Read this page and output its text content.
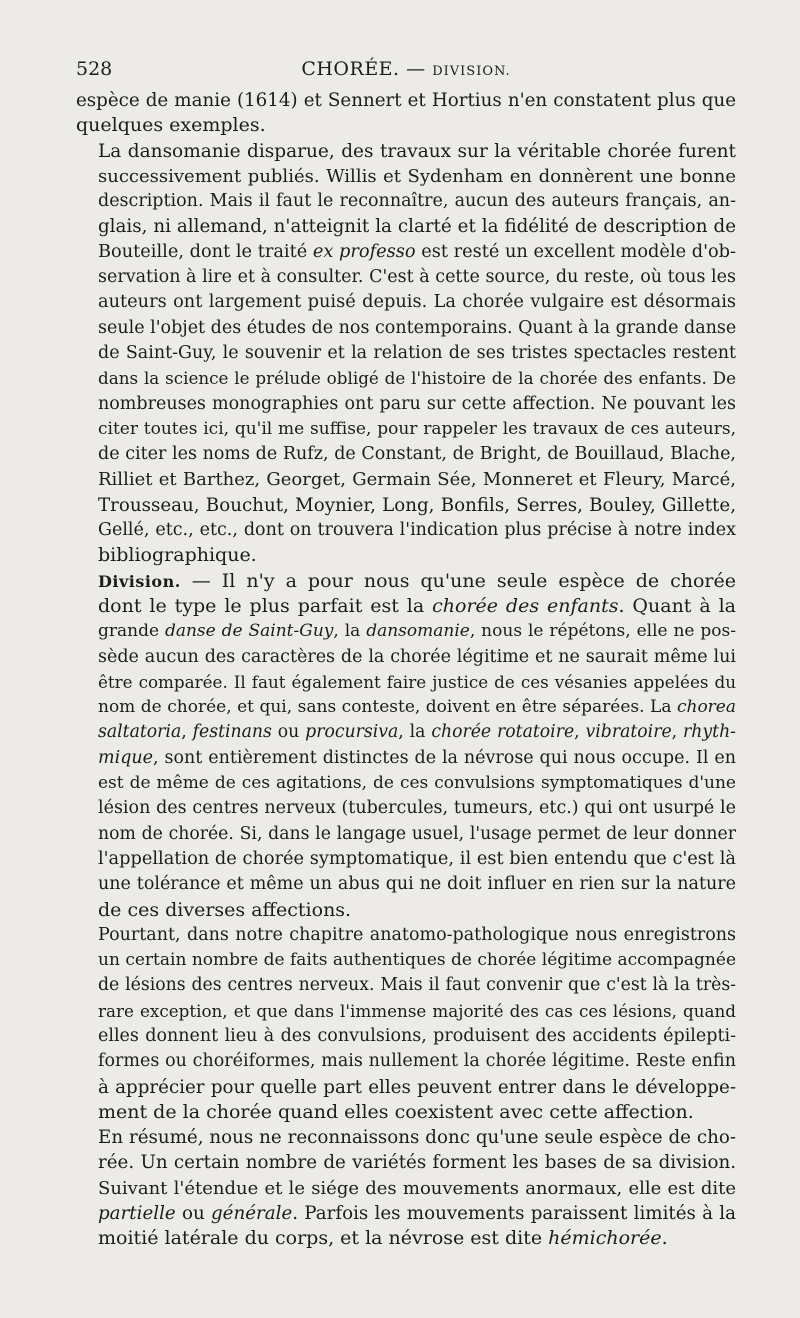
528	CHORÉE. — DIVISION.

espèce de manie (1614) et Sennert et Hortius n'en constatent plus que
quelques exemples.

La dansomanie disparue, des travaux sur la véritable chorée furent
successivement publiés. Willis et Sydenham en donnèrent une bonne
description. Mais il faut le reconnaître, aucun des auteurs français, an-
glais, ni allemand, n'atteignit la clarté et la fidélité de description de
Bouteille, dont le traité ex professo est resté un excellent modèle d'ob-
servation à lire et à consulter. C'est à cette source, du reste, où tous les
auteurs ont largement puisé depuis. La chorée vulgaire est désormais
seule l'objet des études de nos contemporains. Quant à la grande danse
de Saint-Guy, le souvenir et la relation de ses tristes spectacles restent
dans la science le prélude obligé de l'histoire de la chorée des enfants. De
nombreuses monographies ont paru sur cette affection. Ne pouvant les
citer toutes ici, qu'il me suffise, pour rappeler les travaux de ces auteurs,
de citer les noms de Rufz, de Constant, de Bright, de Bouillaud, Blache,
Rilliet et Barthez, Georget, Germain Sée, Monneret et Fleury, Marcé,
Trousseau, Bouchut, Moynier, Long, Bonfils, Serres, Bouley, Gillette,
Gellé, etc., etc., dont on trouvera l'indication plus précise à notre index
bibliographique.

Division. — Il n'y a pour nous qu'une seule espèce de chorée
dont le type le plus parfait est la chorée des enfants. Quant à la
grande danse de Saint-Guy, la dansomanie, nous le répétons, elle ne pos-
sède aucun des caractères de la chorée légitime et ne saurait même lui
être comparée. Il faut également faire justice de ces vésanies appelées du
nom de chorée, et qui, sans conteste, doivent en être séparées. La chorea
saltatoria, festinans ou procursiva, la chorée rotatoire, vibratoire, rhyth-
mique, sont entièrement distinctes de la névrose qui nous occupe. Il en
est de même de ces agitations, de ces convulsions symptomatiques d'une
lésion des centres nerveux (tubercules, tumeurs, etc.) qui ont usurpé le
nom de chorée. Si, dans le langage usuel, l'usage permet de leur donner
l'appellation de chorée symptomatique, il est bien entendu que c'est là
une tolérance et même un abus qui ne doit influer en rien sur la nature
de ces diverses affections.

Pourtant, dans notre chapitre anatomo-pathologique nous enregistrons
un certain nombre de faits authentiques de chorée légitime accompagnée
de lésions des centres nerveux. Mais il faut convenir que c'est là la très-
rare exception, et que dans l'immense majorité des cas ces lésions, quand
elles donnent lieu à des convulsions, produisent des accidents épilepti-
formes ou choréiformes, mais nullement la chorée légitime. Reste enfin
à apprécier pour quelle part elles peuvent entrer dans le développe-
ment de la chorée quand elles coexistent avec cette affection.

En résumé, nous ne reconnaissons donc qu'une seule espèce de cho-
rée. Un certain nombre de variétés forment les bases de sa division.
Suivant l'étendue et le siége des mouvements anormaux, elle est dite
partielle ou générale. Parfois les mouvements paraissent limités à la
moitié latérale du corps, et la névrose est dite hémichorée.
